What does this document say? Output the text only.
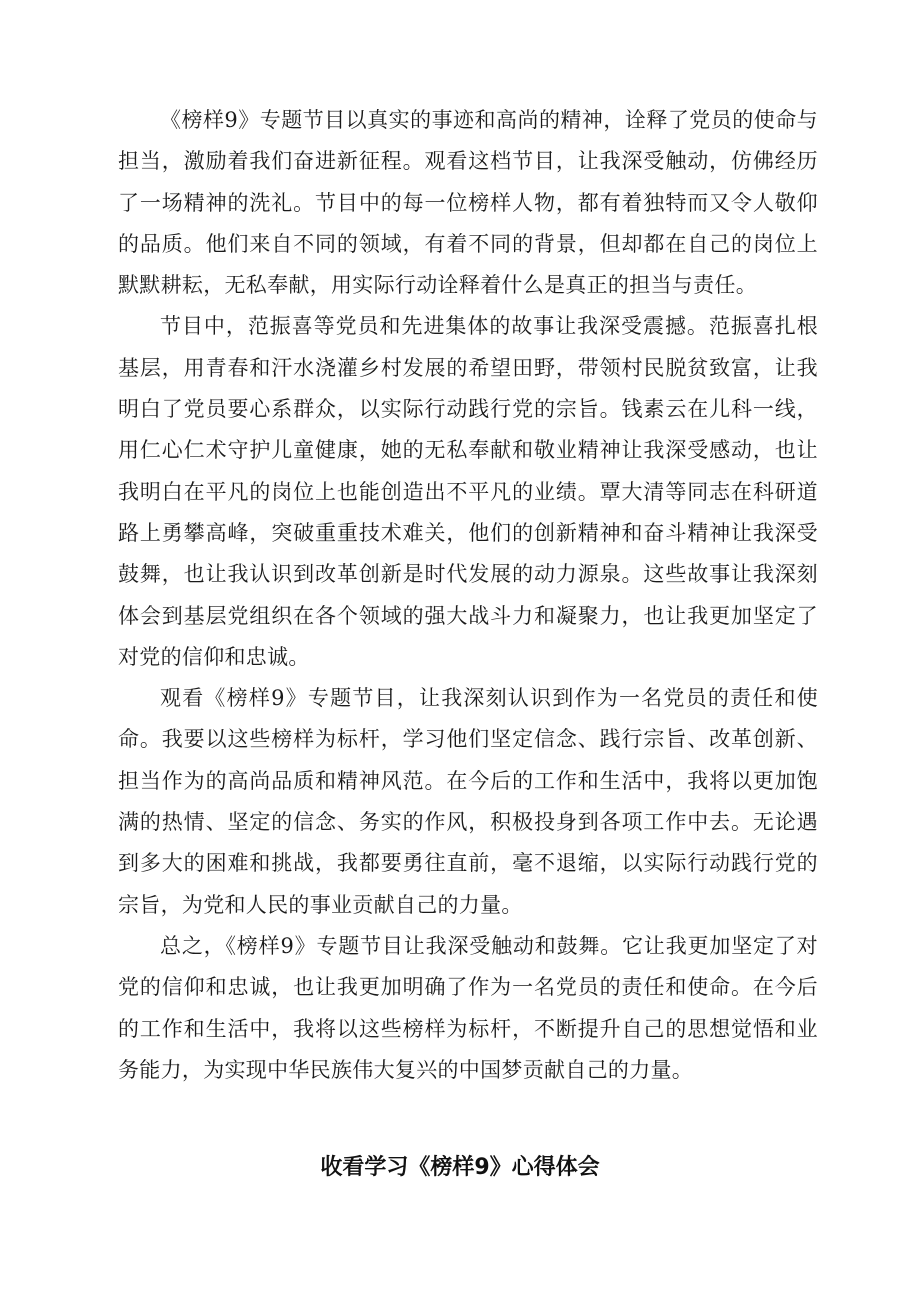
《榜样9》专题节目以真实的事迹和高尚的精神，诠释了党员的使命与担当，激励着我们奋进新征程。观看这档节目，让我深受触动，仿佛经历了一场精神的洗礼。节目中的每一位榜样人物，都有着独特而又令人敬仰的品质。他们来自不同的领域，有着不同的背景，但却都在自己的岗位上默默耕耘，无私奉献，用实际行动诠释着什么是真正的担当与责任。

节目中，范振喜等党员和先进集体的故事让我深受震撼。范振喜扎根基层，用青春和汗水浇灌乡村发展的希望田野，带领村民脱贫致富，让我明白了党员要心系群众，以实际行动践行党的宗旨。钱素云在儿科一线，用仁心仁术守护儿童健康，她的无私奉献和敬业精神让我深受感动，也让我明白在平凡的岗位上也能创造出不平凡的业绩。覃大清等同志在科研道路上勇攀高峰，突破重重技术难关，他们的创新精神和奋斗精神让我深受鼓舞，也让我认识到改革创新是时代发展的动力源泉。这些故事让我深刻体会到基层党组织在各个领域的强大战斗力和凝聚力，也让我更加坚定了对党的信仰和忠诚。

观看《榜样9》专题节目，让我深刻认识到作为一名党员的责任和使命。我要以这些榜样为标杆，学习他们坚定信念、践行宗旨、改革创新、担当作为的高尚品质和精神风范。在今后的工作和生活中，我将以更加饱满的热情、坚定的信念、务实的作风，积极投身到各项工作中去。无论遇到多大的困难和挑战，我都要勇往直前，毫不退缩，以实际行动践行党的宗旨，为党和人民的事业贡献自己的力量。

总之，《榜样9》专题节目让我深受触动和鼓舞。它让我更加坚定了对党的信仰和忠诚，也让我更加明确了作为一名党员的责任和使命。在今后的工作和生活中，我将以这些榜样为标杆，不断提升自己的思想觉悟和业务能力，为实现中华民族伟大复兴的中国梦贡献自己的力量。

收看学习《榜样9》心得体会
